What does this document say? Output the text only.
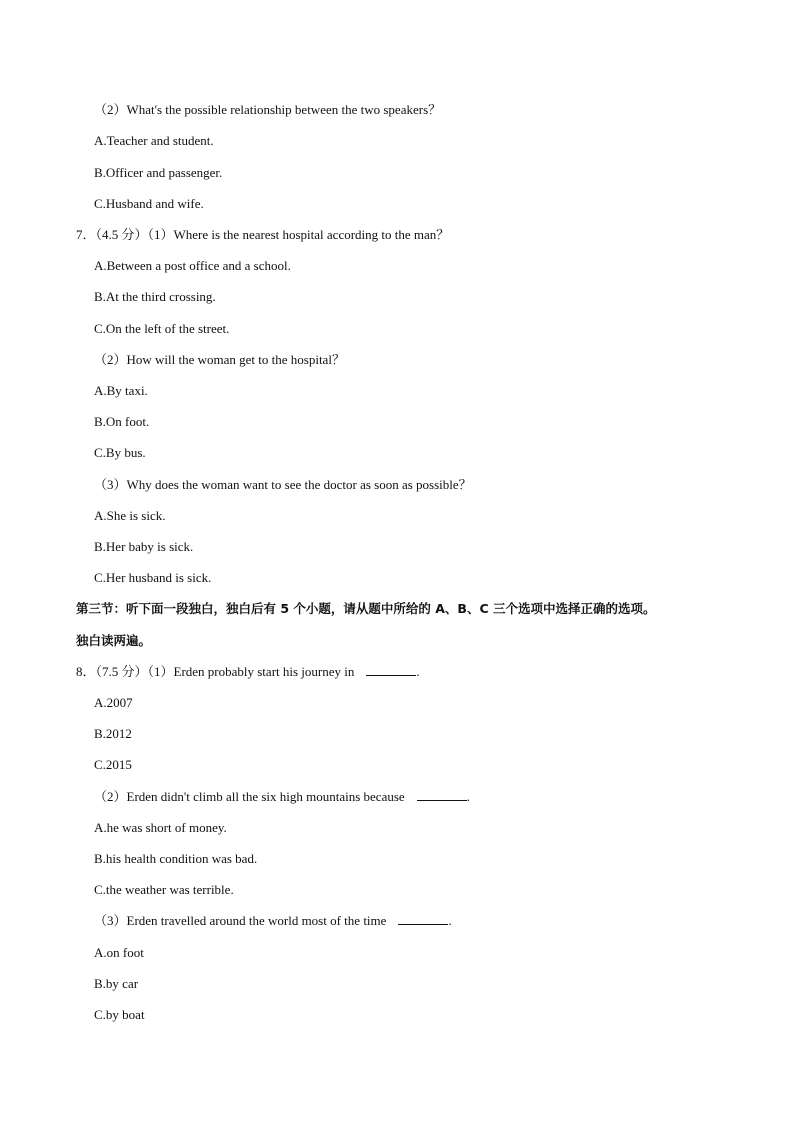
（2）What's the possible relationship between the two speakers？
A.Teacher and student.
B.Officer and passenger.
C.Husband and wife.
7．（4.5 分）（1）Where is the nearest hospital according to the man？
A.Between a post office and a school.
B.At the third crossing.
C.On the left of the street.
（2）How will the woman get to the hospital？
A.By taxi.
B.On foot.
C.By bus.
（3）Why does the woman want to see the doctor as soon as possible？
A.She is sick.
B.Her baby is sick.
C.Her husband is sick.
第三节：听下面一段独白，独白后有 5 个小题，请从题中所给的 A、B、C 三个选项中选择正确的选项。
独白读两遍。
8．（7.5 分）（1）Erden probably start his journey in	.
A.2007
B.2012
C.2015
（2）Erden didn't climb all the six high mountains because	.
A.he was short of money.
B.his health condition was bad.
C.the weather was terrible.
（3）Erden travelled around the world most of the time	.
A.on foot
B.by car
C.by boat
